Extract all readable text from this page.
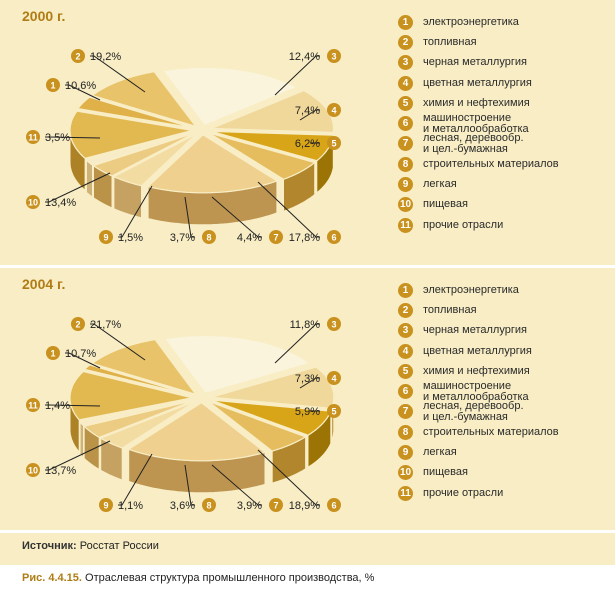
2000 г.
10,6%
1
19,2%
2	12,4% 3
7,4% 4
6,2% 5
17,8% 6
4,4% 7
3,7% 8
1,5%
9
13,4%
10
3,5%
11
1	электроэнергетика
2	топливная
3	черная металлургия
4	цветная металлургия
5	химия и нефтехимия
6	машиностроение
и металлообработка
7	лесная, деревообр.
и цел.-бумажная
8	строительных материалов
9	легкая
10 пищевая
11 прочие отрасли
2004 г.
10,7%
1
21,7%
2	11,8% 3
7,3% 4
5,9% 5
18,9% 6
3,9% 7
3,6% 8
1,1%
9
13,7%
10
1,4%
11
1	электроэнергетика
2	топливная
3	черная металлургия
4	цветная металлургия
5	химия и нефтехимия
6	машиностроение
и металлообработка
7	лесная, деревообр.
и цел.-бумажная
8	строительных материалов
9	легкая
10 пищевая
11 прочие отрасли
Источник: Росстат России
Рис. 4.4.15. Отраслевая структура промышленного производства, %
